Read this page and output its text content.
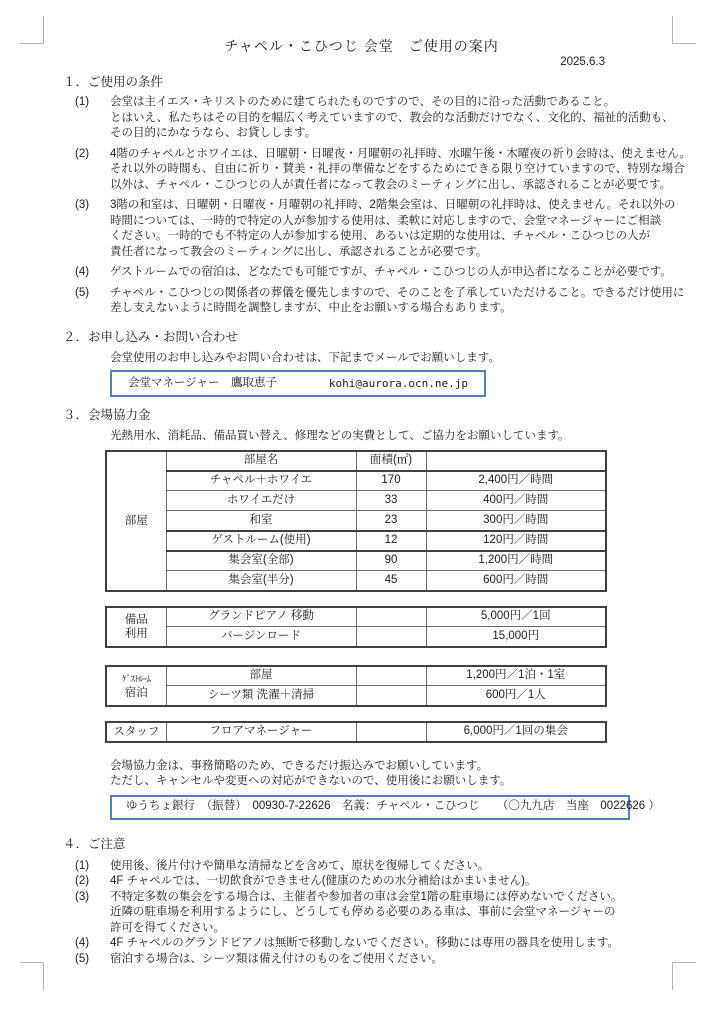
チャペル・こひつじ 会堂　ご使用の案内
2025.6.3
１．ご使用の条件
(1)	会堂は主イエス・キリストのために建てられたものですので、その目的に沿った活動であること。
とはいえ、私たちはその目的を幅広く考えていますので、教会的な活動だけでなく、文化的、福祉的活動も、
その目的にかなうなら、お貸しします。
(2)	4階のチャペルとホワイエは、日曜朝・日曜夜・月曜朝の礼拝時、水曜午後・木曜夜の祈り会時は、使えません。
それ以外の時間も、自由に祈り・賛美・礼拝の準備などをするためにできる限り空けていますので、特別な場合
以外は、チャペル・こひつじの人が責任者になって教会のミーティングに出し、承認されることが必要です。
(3)	3階の和室は、日曜朝・日曜夜・月曜朝の礼拝時、2階集会室は、日曜朝の礼拝時は、使えません。それ以外の
時間については、一時的で特定の人が参加する使用は、柔軟に対応しますので、会堂マネージャーにご相談
ください。一時的でも不特定の人が参加する使用、あるいは定期的な使用は、チャペル・こひつじの人が
責任者になって教会のミーティングに出し、承認されることが必要です。
(4)	ゲストルームでの宿泊は、どなたでも可能ですが、チャペル・こひつじの人が申込者になることが必要です。
(5)	チャペル・こひつじの関係者の葬儀を優先しますので、そのことを了承していただけること。できるだけ使用に
差し支えないように時間を調整しますが、中止をお願いする場合もあります。
２．お申し込み・お問い合わせ
会堂使用のお申し込みやお問い合わせは、下記までメールでお願いします。
会堂マネージャー　鷹取恵子	kohi@aurora.ocn.ne.jp
３．会場協力金
光熱用水、消耗品、備品買い替え、修理などの実費として、ご協力をお願いしています。
部屋	部屋名	面積(㎡)	
	チャペル＋ホワイエ	170	2,400円／時間
	ホワイエだけ	33	400円／時間
	和室	23	300円／時間
	ゲストルーム(使用)	12	120円／時間
	集会室(全部)	90	1,200円／時間
	集会室(半分)	45	600円／時間
備品
利用	グランドピアノ 移動		5,000円／1回
	バージンロード		15,000円
ｹﾞｽﾄﾙｰﾑ
宿泊	部屋		1,200円／1泊・1室
	シーツ類 洗濯＋清掃		600円／1人
スタッフ	フロアマネージャー		6,000円／1回の集会
会場協力金は、事務簡略のため、できるだけ振込みでお願いしています。
ただし、キャンセルや変更への対応ができないので、使用後にお願いします。
ゆうちょ銀行　（振替）　00930-7-22626　名義：チャペル・こひつじ　　（〇九九店　当座　0022626 ）
４．ご注意
(1)	使用後、後片付けや簡単な清掃などを含めて、原状を復帰してください。
(2)	4F チャペルでは、一切飲食ができません(健康のための水分補給はかまいません)。
(3)	不特定多数の集会をする場合は、主催者や参加者の車は会堂1階の駐車場には停めないでください。
近隣の駐車場を利用するようにし、どうしても停める必要のある車は、事前に会堂マネージャーの
許可を得てください。
(4)	4F チャペルのグランドピアノは無断で移動しないでください。移動には専用の器具を使用します。
(5)	宿泊する場合は、シーツ類は備え付けのものをご使用ください。
